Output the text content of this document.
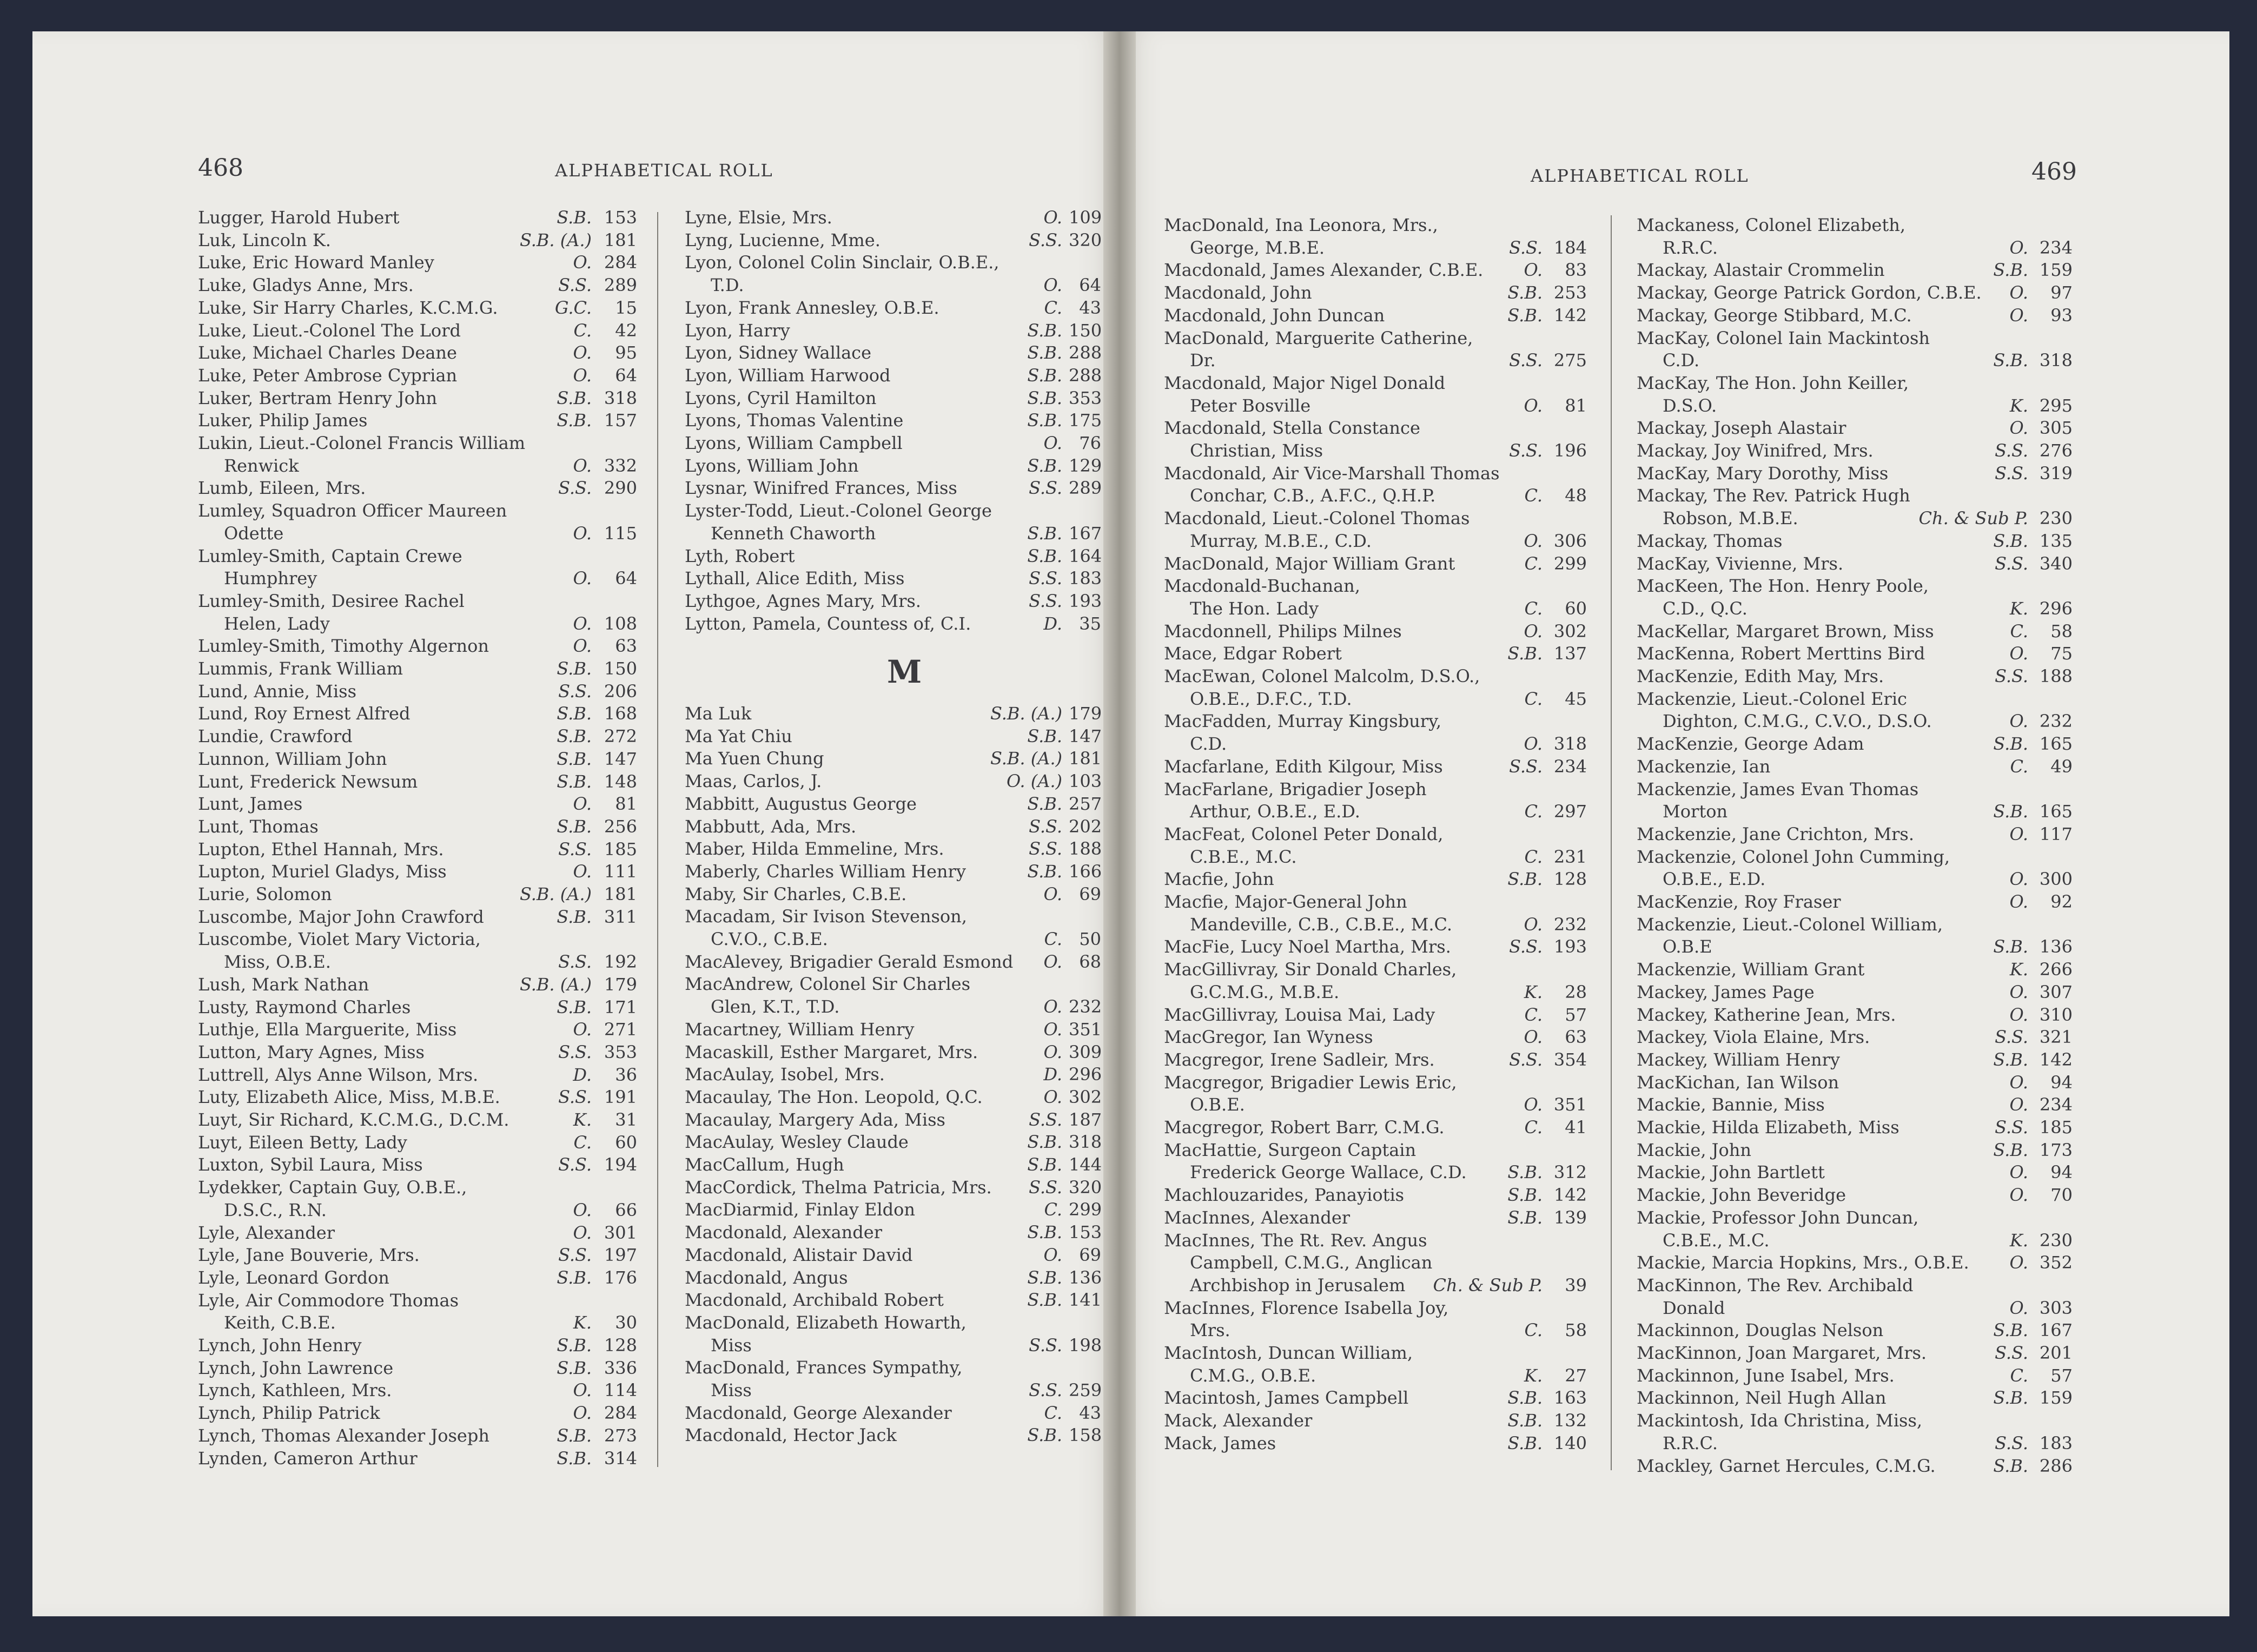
468	ALPHABETICAL ROLL	ALPHABETICAL ROLL	469
Lugger, Harold Hubert	S.B. 153
Luk, Lincoln K.	S.B. (A.) 181
Luke, Eric Howard Manley	O. 284
Luke, Gladys Anne, Mrs.	S.S. 289
Luke, Sir Harry Charles, K.C.M.G.	G.C.	15
Luke, Lieut.-Colonel The Lord	C.	42
Luke, Michael Charles Deane	O.	95
Luke, Peter Ambrose Cyprian	O.	64
Luker, Bertram Henry John	S.B. 318
Luker, Philip James	S.B. 157
Lukin, Lieut.-Colonel Francis William
  Renwick	O. 332
Lumb, Eileen, Mrs.	S.S. 290
Lumley, Squadron Officer Maureen
  Odette	O. 115
Lumley-Smith, Captain Crewe
  Humphrey	O.	64
Lumley-Smith, Desiree Rachel
  Helen, Lady	O. 108
Lumley-Smith, Timothy Algernon	O.	63
Lummis, Frank William	S.B. 150
Lund, Annie, Miss	S.S. 206
Lund, Roy Ernest Alfred	S.B. 168
Lundie, Crawford	S.B. 272
Lunnon, William John	S.B. 147
Lunt, Frederick Newsum	S.B. 148
Lunt, James	O.	81
Lunt, Thomas	S.B. 256
Lupton, Ethel Hannah, Mrs.	S.S. 185
Lupton, Muriel Gladys, Miss	O. 111
Lurie, Solomon	S.B. (A.) 181
Luscombe, Major John Crawford	S.B. 311
Luscombe, Violet Mary Victoria,
  Miss, O.B.E.	S.S. 192
Lush, Mark Nathan	S.B. (A.) 179
Lusty, Raymond Charles	S.B. 171
Luthje, Ella Marguerite, Miss	O. 271
Lutton, Mary Agnes, Miss	S.S. 353
Luttrell, Alys Anne Wilson, Mrs.	D.	36
Luty, Elizabeth Alice, Miss, M.B.E.	S.S. 191
Luyt, Sir Richard, K.C.M.G., D.C.M.	K.	31
Luyt, Eileen Betty, Lady	C.	60
Luxton, Sybil Laura, Miss	S.S. 194
Lydekker, Captain Guy, O.B.E.,
  D.S.C., R.N.	O.	66
Lyle, Alexander	O. 301
Lyle, Jane Bouverie, Mrs.	S.S. 197
Lyle, Leonard Gordon	S.B. 176
Lyle, Air Commodore Thomas
  Keith, C.B.E.	K.	30
Lynch, John Henry	S.B. 128
Lynch, John Lawrence	S.B. 336
Lynch, Kathleen, Mrs.	O. 114
Lynch, Philip Patrick	O. 284
Lynch, Thomas Alexander Joseph	S.B. 273
Lynden, Cameron Arthur	S.B. 314
Lyne, Elsie, Mrs.	O. 109
Lyng, Lucienne, Mme.	S.S. 320
Lyon, Colonel Colin Sinclair, O.B.E.,
  T.D.	O. 64
Lyon, Frank Annesley, O.B.E.	C. 43
Lyon, Harry	S.B. 150
Lyon, Sidney Wallace	S.B. 288
Lyon, William Harwood	S.B. 288
Lyons, Cyril Hamilton	S.B. 353
Lyons, Thomas Valentine	S.B. 175
Lyons, William Campbell	O. 76
Lyons, William John	S.B. 129
Lysnar, Winifred Frances, Miss	S.S. 289
Lyster-Todd, Lieut.-Colonel George
  Kenneth Chaworth	S.B. 167
Lyth, Robert	S.B. 164
Lythall, Alice Edith, Miss	S.S. 183
Lythgoe, Agnes Mary, Mrs.	S.S. 193
Lytton, Pamela, Countess of, C.I.	D. 35
M
Ma Luk	S.B. (A.) 179
Ma Yat Chiu	S.B. 147
Ma Yuen Chung	S.B. (A.) 181
Maas, Carlos, J.	O. (A.) 103
Mabbitt, Augustus George	S.B. 257
Mabbutt, Ada, Mrs.	S.S. 202
Maber, Hilda Emmeline, Mrs.	S.S. 188
Maberly, Charles William Henry	S.B. 166
Maby, Sir Charles, C.B.E.	O. 69
Macadam, Sir Ivison Stevenson,
  C.V.O., C.B.E.	C. 50
MacAlevey, Brigadier Gerald Esmond O. 68
MacAndrew, Colonel Sir Charles
  Glen, K.T., T.D.	O. 232
Macartney, William Henry	O. 351
Macaskill, Esther Margaret, Mrs.	O. 309
MacAulay, Isobel, Mrs.	D. 296
Macaulay, The Hon. Leopold, Q.C.	O. 302
Macaulay, Margery Ada, Miss	S.S. 187
MacAulay, Wesley Claude	S.B. 318
MacCallum, Hugh	S.B. 144
MacCordick, Thelma Patricia, Mrs. S.S. 320
MacDiarmid, Finlay Eldon	C. 299
Macdonald, Alexander	S.B. 153
Macdonald, Alistair David	O. 69
Macdonald, Angus	S.B. 136
Macdonald, Archibald Robert	S.B. 141
MacDonald, Elizabeth Howarth,
  Miss	S.S. 198
MacDonald, Frances Sympathy,
  Miss	S.S. 259
Macdonald, George Alexander	C. 43
Macdonald, Hector Jack	S.B. 158
MacDonald, Ina Leonora, Mrs.,
  George, M.B.E.	S.S. 184
Macdonald, James Alexander, C.B.E. O.	83
Macdonald, John	S.B. 253
Macdonald, John Duncan	S.B. 142
MacDonald, Marguerite Catherine,
  Dr.	S.S. 275
Macdonald, Major Nigel Donald
  Peter Bosville	O.	81
Macdonald, Stella Constance
  Christian, Miss	S.S. 196
Macdonald, Air Vice-Marshall Thomas
  Conchar, C.B., A.F.C., Q.H.P.	C.	48
Macdonald, Lieut.-Colonel Thomas
  Murray, M.B.E., C.D.	O. 306
MacDonald, Major William Grant	C. 299
Macdonald-Buchanan,
  The Hon. Lady	C.	60
Macdonnell, Philips Milnes	O. 302
Mace, Edgar Robert	S.B. 137
MacEwan, Colonel Malcolm, D.S.O.,
  O.B.E., D.F.C., T.D.	C.	45
MacFadden, Murray Kingsbury,
  C.D.	O. 318
Macfarlane, Edith Kilgour, Miss	S.S. 234
MacFarlane, Brigadier Joseph
  Arthur, O.B.E., E.D.	C. 297
MacFeat, Colonel Peter Donald,
  C.B.E., M.C.	C. 231
Macfie, John	S.B. 128
Macfie, Major-General John
  Mandeville, C.B., C.B.E., M.C.	O. 232
MacFie, Lucy Noel Martha, Mrs.	S.S. 193
MacGillivray, Sir Donald Charles,
  G.C.M.G., M.B.E.	K.	28
MacGillivray, Louisa Mai, Lady	C.	57
MacGregor, Ian Wyness	O.	63
Macgregor, Irene Sadleir, Mrs.	S.S. 354
Macgregor, Brigadier Lewis Eric,
  O.B.E.	O. 351
Macgregor, Robert Barr, C.M.G.	C.	41
MacHattie, Surgeon Captain
  Frederick George Wallace, C.D. S.B. 312
Machlouzarides, Panayiotis	S.B. 142
MacInnes, Alexander	S.B. 139
MacInnes, The Rt. Rev. Angus
  Campbell, C.M.G., Anglican
  Archbishop in Jerusalem Ch. & Sub P.	39
MacInnes, Florence Isabella Joy,
  Mrs.	C.	58
MacIntosh, Duncan William,
  C.M.G., O.B.E.	K.	27
Macintosh, James Campbell	S.B. 163
Mack, Alexander	S.B. 132
Mack, James	S.B. 140
Mackaness, Colonel Elizabeth,
  R.R.C.	O. 234
Mackay, Alastair Crommelin	S.B. 159
Mackay, George Patrick Gordon, C.B.E. O.	97
Mackay, George Stibbard, M.C.	O.	93
MacKay, Colonel Iain Mackintosh
  C.D.	S.B. 318
MacKay, The Hon. John Keiller,
  D.S.O.	K. 295
Mackay, Joseph Alastair	O. 305
Mackay, Joy Winifred, Mrs.	S.S. 276
MacKay, Mary Dorothy, Miss	S.S. 319
Mackay, The Rev. Patrick Hugh
  Robson, M.B.E.	Ch. & Sub P. 230
Mackay, Thomas	S.B. 135
MacKay, Vivienne, Mrs.	S.S. 340
MacKeen, The Hon. Henry Poole,
  C.D., Q.C.	K. 296
MacKellar, Margaret Brown, Miss	C.	58
MacKenna, Robert Merttins Bird	O.	75
MacKenzie, Edith May, Mrs.	S.S. 188
Mackenzie, Lieut.-Colonel Eric
  Dighton, C.M.G., C.V.O., D.S.O.	O. 232
MacKenzie, George Adam	S.B. 165
Mackenzie, Ian	C.	49
Mackenzie, James Evan Thomas
  Morton	S.B. 165
Mackenzie, Jane Crichton, Mrs.	O. 117
Mackenzie, Colonel John Cumming,
  O.B.E., E.D.	O. 300
MacKenzie, Roy Fraser	O.	92
Mackenzie, Lieut.-Colonel William,
  O.B.E	S.B. 136
Mackenzie, William Grant	K. 266
Mackey, James Page	O. 307
Mackey, Katherine Jean, Mrs.	O. 310
Mackey, Viola Elaine, Mrs.	S.S. 321
Mackey, William Henry	S.B. 142
MacKichan, Ian Wilson	O.	94
Mackie, Bannie, Miss	O. 234
Mackie, Hilda Elizabeth, Miss	S.S. 185
Mackie, John	S.B. 173
Mackie, John Bartlett	O.	94
Mackie, John Beveridge	O.	70
Mackie, Professor John Duncan,
  C.B.E., M.C.	K. 230
Mackie, Marcia Hopkins, Mrs., O.B.E. O. 352
MacKinnon, The Rev. Archibald
  Donald	O. 303
Mackinnon, Douglas Nelson	S.B. 167
MacKinnon, Joan Margaret, Mrs.	S.S. 201
Mackinnon, June Isabel, Mrs.	C.	57
Mackinnon, Neil Hugh Allan	S.B. 159
Mackintosh, Ida Christina, Miss,
  R.R.C.	S.S. 183
Mackley, Garnet Hercules, C.M.G.	S.B. 286
